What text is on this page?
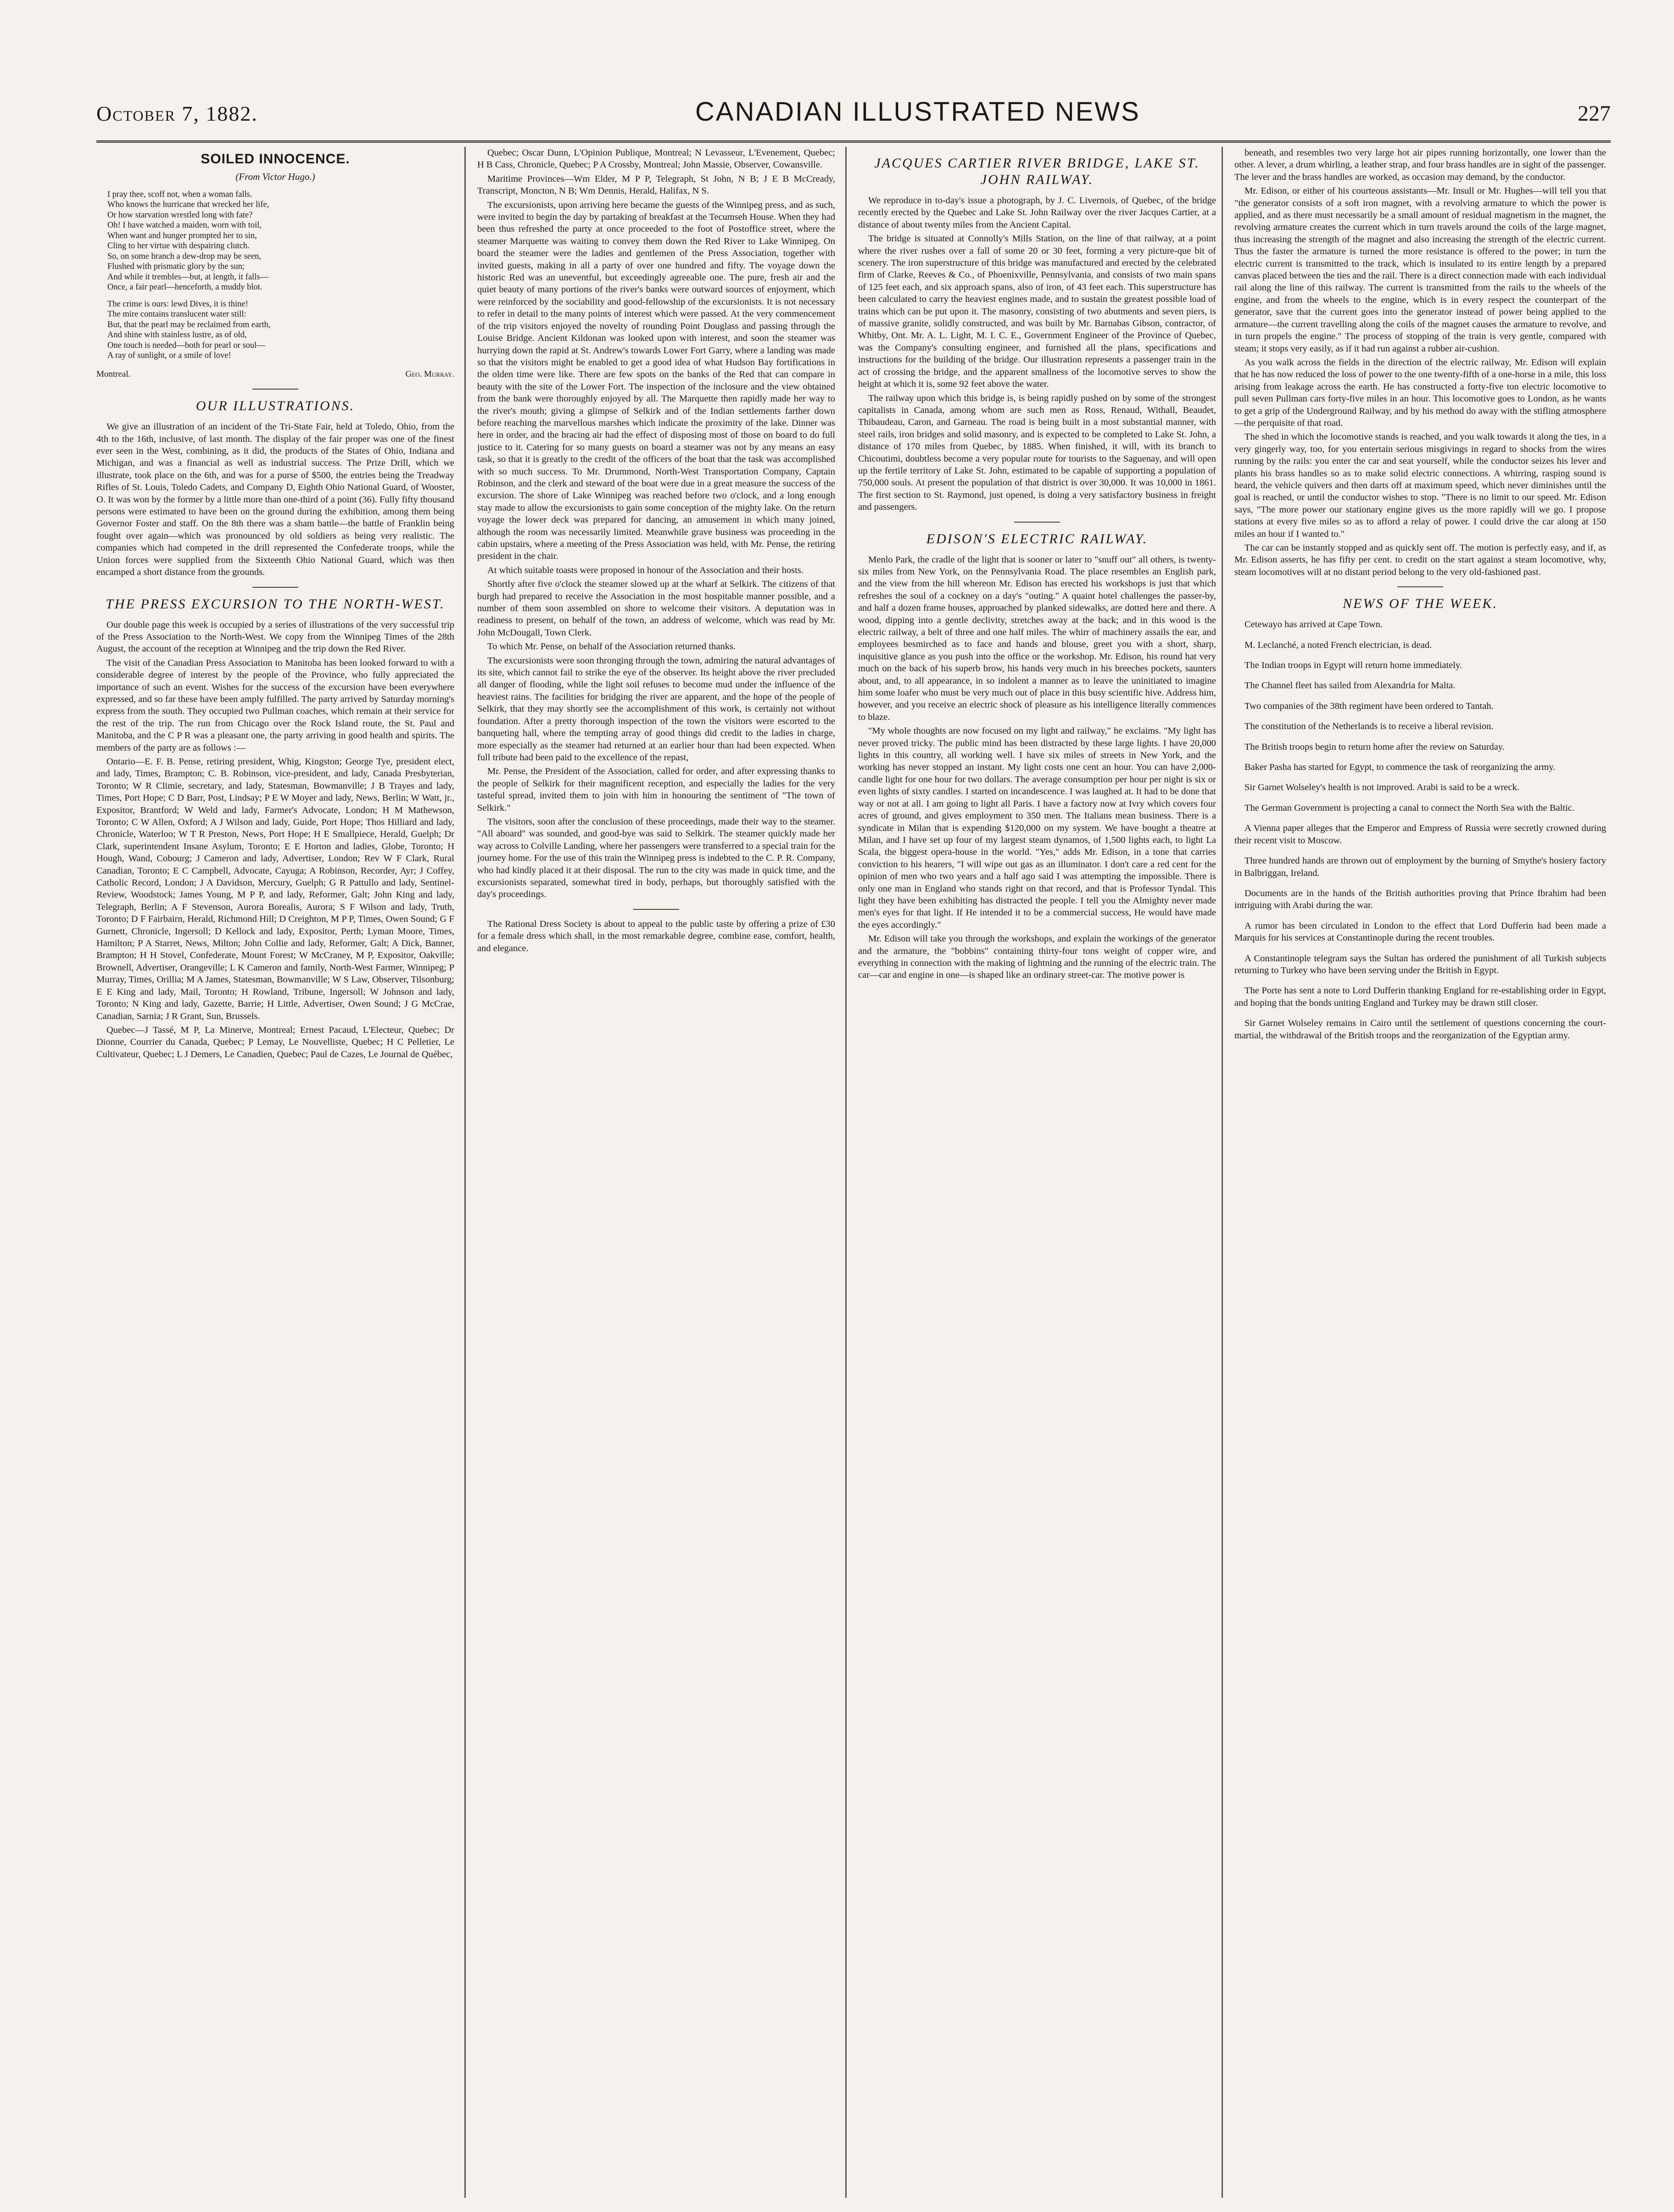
October 7, 1882.	CANADIAN ILLUSTRATED NEWS	227
SOILED INNOCENCE.
(From Victor Hugo.)
I pray thee, scoff not, when a woman falls.
Who knows the hurricane that wrecked her life,
Or how starvation wrestled long with fate?
Oh! I have watched a maiden, worn with toil,
When want and hunger prompted her to sin,
Cling to her virtue with despairing clutch.
So, on some branch a dew-drop may be seen,
Flushed with prismatic glory by the sun;
And while it trembles—but, at length, it falls—
Once, a fair pearl—henceforth, a muddy blot.
The crime is ours: lewd Dives, it is thine!
The mire contains translucent water still:
But, that the pearl may be reclaimed from earth,
And shine with stainless lustre, as of old,
One touch is needed—both for pearl or soul—
A ray of sunlight, or a smile of love!
Montreal.	Geo. Murray.
OUR ILLUSTRATIONS.

We give an illustration of an incident of the Tri-State Fair, held at Toledo, Ohio, from the 4th to the 16th, inclusive, of last month. The display of the fair proper was one of the finest ever seen in the West, combining, as it did, the products of the States of Ohio, Indiana and Michigan, and was a financial as well as industrial success. The Prize Drill, which we illustrate, took place on the 6th, and was for a purse of $500, the entries being the Treadway Rifles of St. Louis, Toledo Cadets, and Company D, Eighth Ohio National Guard, of Wooster, O. It was won by the former by a little more than one-third of a point (36). Fully fifty thousand persons were estimated to have been on the ground during the exhibition, among them being Governor Foster and staff. On the 8th there was a sham battle—the battle of Franklin being fought over again—which was pronounced by old soldiers as being very realistic. The companies which had competed in the drill represented the Confederate troops, while the Union forces were supplied from the Sixteenth Ohio National Guard, which was then encamped a short distance from the grounds.

THE PRESS EXCURSION TO THE NORTH-WEST.

Our double page this week is occupied by a series of illustrations of the very successful trip of the Press Association to the North-West. We copy from the Winnipeg Times of the 28th August, the account of the reception at Winnipeg and the trip down the Red River.

The visit of the Canadian Press Association to Manitoba has been looked forward to with a considerable degree of interest by the people of the Province, who fully appreciated the importance of such an event. Wishes for the success of the excursion have been everywhere expressed, and so far these have been amply fulfilled. The party arrived by Saturday morning's express from the south. They occupied two Pullman coaches, which remain at their service for the rest of the trip. The run from Chicago over the Rock Island route, the St. Paul and Manitoba, and the C P R was a pleasant one, the party arriving in good health and spirits. The members of the party are as follows :—

Ontario—E. F. B. Pense, retiring president, Whig, Kingston; George Tye, president elect, and lady, Times, Brampton; C. B. Robinson, vice-president, and lady, Canada Presbyterian, Toronto; W R Climie, secretary, and lady, Statesman, Bowmanville; J B Trayes and lady, Times, Port Hope; C D Barr, Post, Lindsay; P E W Moyer and lady, News, Berlin; W Watt, jr., Expositor, Brantford; W Weld and lady, Farmer's Advocate, London; H M Mathewson, Toronto; C W Allen, Oxford; A J Wilson and lady, Guide, Port Hope; Thos Hilliard and lady, Chronicle, Waterloo; W T R Preston, News, Port Hope; H E Smallpiece, Herald, Guelph; Dr Clark, superintendent Insane Asylum, Toronto; E E Horton and ladies, Globe, Toronto; H Hough, Wand, Cobourg; J Cameron and lady, Advertiser, London; Rev W F Clark, Rural Canadian, Toronto; E C Campbell, Advocate, Cayuga; A Robinson, Recorder, Ayr; J Coffey, Catholic Record, London; J A Davidson, Mercury, Guelph; G R Pattullo and lady, Sentinel-Review, Woodstock; James Young, M P P, and lady, Reformer, Galt; John King and lady, Telegraph, Berlin; A F Stevenson, Aurora Borealis, Aurora; S F Wilson and lady, Truth, Toronto; D F Fairbairn, Herald, Richmond Hill; D Creighton, M P P, Times, Owen Sound; G F Gurnett, Chronicle, Ingersoll; D Kellock and lady, Expositor, Perth; Lyman Moore, Times, Hamilton; P A Starret, News, Milton; John Collie and lady, Reformer, Galt; A Dick, Banner, Brampton; H H Stovel, Confederate, Mount Forest; W McCraney, M P, Expositor, Oakville; Brownell, Advertiser, Orangeville; L K Cameron and family, North-West Farmer, Winnipeg; P Murray, Times, Orillia; M A James, Statesman, Bowmanville; W S Law, Observer, Tilsonburg; E E King and lady, Mail, Toronto; H Rowland, Tribune, Ingersoll; W Johnson and lady, Toronto; N King and lady, Gazette, Barrie; H Little, Advertiser, Owen Sound; J G McCrae, Canadian, Sarnia; J R Grant, Sun, Brussels.

Quebec—J Tassé, M P, La Minerve, Montreal; Ernest Pacaud, L'Electeur, Quebec; Dr Dionne, Courrier du Canada, Quebec; P Lemay, Le Nouvelliste, Quebec; H C Pelletier, Le Cultivateur, Quebec; L J Demers, Le Canadien, Quebec; Paul de Cazes, Le Journal de Québec,

Quebec; Oscar Dunn, L'Opinion Publique, Montreal; N Levasseur, L'Evenement, Quebec; H B Cass, Chronicle, Quebec; P A Crossby, Montreal; John Massie, Observer, Cowansville.

Maritime Provinces—Wm Elder, M P P, Telegraph, St John, N B; J E B McCready, Transcript, Moncton, N B; Wm Dennis, Herald, Halifax, N S.

The excursionists, upon arriving here became the guests of the Winnipeg press, and as such, were invited to begin the day by partaking of breakfast at the Tecumseh House. When they had been thus refreshed the party at once proceeded to the foot of Postoffice street, where the steamer Marquette was waiting to convey them down the Red River to Lake Winnipeg. On board the steamer were the ladies and gentlemen of the Press Association, together with invited guests, making in all a party of over one hundred and fifty. The voyage down the historic Red was an uneventful, but exceedingly agreeable one. The pure, fresh air and the quiet beauty of many portions of the river's banks were outward sources of enjoyment, which were reinforced by the sociability and good-fellowship of the excursionists. It is not necessary to refer in detail to the many points of interest which were passed. At the very commencement of the trip visitors enjoyed the novelty of rounding Point Douglass and passing through the Louise Bridge. Ancient Kildonan was looked upon with interest, and soon the steamer was hurrying down the rapid at St. Andrew's towards Lower Fort Garry, where a landing was made so that the visitors might be enabled to get a good idea of what Hudson Bay fortifications in the olden time were like. There are few spots on the banks of the Red that can compare in beauty with the site of the Lower Fort. The inspection of the inclosure and the view obtained from the bank were thoroughly enjoyed by all. The Marquette then rapidly made her way to the river's mouth; giving a glimpse of Selkirk and of the Indian settlements farther down before reaching the marvellous marshes which indicate the proximity of the lake. Dinner was here in order, and the bracing air had the effect of disposing most of those on board to do full justice to it. Catering for so many guests on board a steamer was not by any means an easy task, so that it is greatly to the credit of the officers of the boat that the task was accomplished with so much success. To Mr. Drummond, North-West Transportation Company, Captain Robinson, and the clerk and steward of the boat were due in a great measure the success of the excursion. The shore of Lake Winnipeg was reached before two o'clock, and a long enough stay made to allow the excursionists to gain some conception of the mighty lake. On the return voyage the lower deck was prepared for dancing, an amusement in which many joined, although the room was necessarily limited. Meanwhile grave business was proceeding in the cabin upstairs, where a meeting of the Press Association was held, with Mr. Pense, the retiring president in the chair.

At which suitable toasts were proposed in honour of the Association and their hosts.

Shortly after five o'clock the steamer slowed up at the wharf at Selkirk. The citizens of that burgh had prepared to receive the Association in the most hospitable manner possible, and a number of them soon assembled on shore to welcome their visitors. A deputation was in readiness to present, on behalf of the town, an address of welcome, which was read by Mr. John McDougall, Town Clerk.

To which Mr. Pense, on behalf of the Association returned thanks.

The excursionists were soon thronging through the town, admiring the natural advantages of its site, which cannot fail to strike the eye of the observer. Its height above the river precluded all danger of flooding, while the light soil refuses to become mud under the influence of the heaviest rains. The facilities for bridging the river are apparent, and the hope of the people of Selkirk, that they may shortly see the accomplishment of this work, is certainly not without foundation. After a pretty thorough inspection of the town the visitors were escorted to the banqueting hall, where the tempting array of good things did credit to the ladies in charge, more especially as the steamer had returned at an earlier hour than had been expected. When full tribute had been paid to the excellence of the repast,

Mr. Pense, the President of the Association, called for order, and after expressing thanks to the people of Selkirk for their magnificent reception, and especially the ladies for the very tasteful spread, invited them to join with him in honouring the sentiment of "The town of Selkirk."

The visitors, soon after the conclusion of these proceedings, made their way to the steamer. "All aboard" was sounded, and good-bye was said to Selkirk. The steamer quickly made her way across to Colville Landing, where her passengers were transferred to a special train for the journey home. For the use of this train the Winnipeg press is indebted to the C. P. R. Company, who had kindly placed it at their disposal. The run to the city was made in quick time, and the excursionists separated, somewhat tired in body, perhaps, but thoroughly satisfied with the day's proceedings.

The Rational Dress Society is about to appeal to the public taste by offering a prize of £30 for a female dress which shall, in the most remarkable degree, combine ease, comfort, health, and elegance.

JACQUES CARTIER RIVER BRIDGE, LAKE ST. JOHN RAILWAY.

We reproduce in to-day's issue a photograph, by J. C. Livernois, of Quebec, of the bridge recently erected by the Quebec and Lake St. John Railway over the river Jacques Cartier, at a distance of about twenty miles from the Ancient Capital.

The bridge is situated at Connolly's Mills Station, on the line of that railway, at a point where the river rushes over a fall of some 20 or 30 feet, forming a very picture-que bit of scenery. The iron superstructure of this bridge was manufactured and erected by the celebrated firm of Clarke, Reeves & Co., of Phoenixville, Pennsylvania, and consists of two main spans of 125 feet each, and six approach spans, also of iron, of 43 feet each. This superstructure has been calculated to carry the heaviest engines made, and to sustain the greatest possible load of trains which can be put upon it. The masonry, consisting of two abutments and seven piers, is of massive granite, solidly constructed, and was built by Mr. Barnabas Gibson, contractor, of Whitby, Ont. Mr. A. L. Light, M. I. C. E., Government Engineer of the Province of Quebec, was the Company's consulting engineer, and furnished all the plans, specifications and instructions for the building of the bridge. Our illustration represents a passenger train in the act of crossing the bridge, and the apparent smallness of the locomotive serves to show the height at which it is, some 92 feet above the water.

The railway upon which this bridge is, is being rapidly pushed on by some of the strongest capitalists in Canada, among whom are such men as Ross, Renaud, Withall, Beaudet, Thibaudeau, Caron, and Garneau. The road is being built in a most substantial manner, with steel rails, iron bridges and solid masonry, and is expected to be completed to Lake St. John, a distance of 170 miles from Quebec, by 1885. When finished, it will, with its branch to Chicoutimi, doubtless become a very popular route for tourists to the Saguenay, and will open up the fertile territory of Lake St. John, estimated to be capable of supporting a population of 750,000 souls. At present the population of that district is over 30,000. It was 10,000 in 1861. The first section to St. Raymond, just opened, is doing a very satisfactory business in freight and passengers.

EDISON'S ELECTRIC RAILWAY.

Menlo Park, the cradle of the light that is sooner or later to "snuff out" all others, is twenty-six miles from New York, on the Pennsylvania Road. The place resembles an English park, and the view from the hill whereon Mr. Edison has erected his workshops is just that which refreshes the soul of a cockney on a day's "outing." A quaint hotel challenges the passer-by, and half a dozen frame houses, approached by planked sidewalks, are dotted here and there. A wood, dipping into a gentle declivity, stretches away at the back; and in this wood is the electric railway, a belt of three and one half miles. The whirr of machinery assails the ear, and employees besmirched as to face and hands and blouse, greet you with a short, sharp, inquisitive glance as you push into the office or the workshop. Mr. Edison, his round hat very much on the back of his superb brow, his hands very much in his breeches pockets, saunters about, and, to all appearance, in so indolent a manner as to leave the uninitiated to imagine him some loafer who must be very much out of place in this busy scientific hive. Address him, however, and you receive an electric shock of pleasure as his intelligence literally commences to blaze.

"My whole thoughts are now focused on my light and railway," he exclaims. "My light has never proved tricky. The public mind has been distracted by these large lights. I have 20,000 lights in this country, all working well. I have six miles of streets in New York, and the working has never stopped an instant. My light costs one cent an hour. You can have 2,000-candle light for one hour for two dollars. The average consumption per hour per night is six or even lights of sixty candles. I started on incandescence. I was laughed at. It had to be done that way or not at all. I am going to light all Paris. I have a factory now at Ivry which covers four acres of ground, and gives employment to 350 men. The Italians mean business. There is a syndicate in Milan that is expending $120,000 on my system. We have bought a theatre at Milan, and I have set up four of my largest steam dynamos, of 1,500 lights each, to light La Scala, the biggest opera-house in the world. "Yes," adds Mr. Edison, in a tone that carries conviction to his hearers, "I will wipe out gas as an illuminator. I don't care a red cent for the opinion of men who two years and a half ago said I was attempting the impossible. There is only one man in England who stands right on that record, and that is Professor Tyndal. This light they have been exhibiting has distracted the people. I tell you the Almighty never made men's eyes for that light. If He intended it to be a commercial success, He would have made the eyes accordingly."

Mr. Edison will take you through the workshops, and explain the workings of the generator and the armature, the "bobbins" containing thirty-four tons weight of copper wire, and everything in connection with the making of lightning and the running of the electric train. The car—car and engine in one—is shaped like an ordinary street-car. The motive power is

beneath, and resembles two very large hot air pipes running horizontally, one lower than the other. A lever, a drum whirling, a leather strap, and four brass handles are in sight of the passenger. The lever and the brass handles are worked, as occasion may demand, by the conductor.

Mr. Edison, or either of his courteous assistants—Mr. Insull or Mr. Hughes—will tell you that "the generator consists of a soft iron magnet, with a revolving armature to which the power is applied, and as there must necessarily be a small amount of residual magnetism in the magnet, the revolving armature creates the current which in turn travels around the coils of the large magnet, thus increasing the strength of the magnet and also increasing the strength of the electric current. Thus the faster the armature is turned the more resistance is offered to the power; in turn the electric current is transmitted to the track, which is insulated to its entire length by a prepared canvas placed between the ties and the rail. There is a direct connection made with each individual rail along the line of this railway. The current is transmitted from the rails to the wheels of the engine, and from the wheels to the engine, which is in every respect the counterpart of the generator, save that the current goes into the generator instead of power being applied to the armature—the current travelling along the coils of the magnet causes the armature to revolve, and in turn propels the engine." The process of stopping of the train is very gentle, compared with steam; it stops very easily, as if it had run against a rubber air-cushion.

As you walk across the fields in the direction of the electric railway, Mr. Edison will explain that he has now reduced the loss of power to the one twenty-fifth of a one-horse in a mile, this loss arising from leakage across the earth. He has constructed a forty-five ton electric locomotive to pull seven Pullman cars forty-five miles in an hour. This locomotive goes to London, as he wants to get a grip of the Underground Railway, and by his method do away with the stifling atmosphere—the perquisite of that road.

The shed in which the locomotive stands is reached, and you walk towards it along the ties, in a very gingerly way, too, for you entertain serious misgivings in regard to shocks from the wires running by the rails: you enter the car and seat yourself, while the conductor seizes his lever and plants his brass handles so as to make solid electric connections. A whirring, rasping sound is heard, the vehicle quivers and then darts off at maximum speed, which never diminishes until the goal is reached, or until the conductor wishes to stop. "There is no limit to our speed. Mr. Edison says, "The more power our stationary engine gives us the more rapidly will we go. I propose stations at every five miles so as to afford a relay of power. I could drive the car along at 150 miles an hour if I wanted to."

The car can be instantly stopped and as quickly sent off. The motion is perfectly easy, and if, as Mr. Edison asserts, he has fifty per cent. to credit on the start against a steam locomotive, why, steam locomotives will at no distant period belong to the very old-fashioned past.

NEWS OF THE WEEK.

Cetewayo has arrived at Cape Town.

M. Leclanché, a noted French electrician, is dead.

The Indian troops in Egypt will return home immediately.

The Channel fleet has sailed from Alexandria for Malta.

Two companies of the 38th regiment have been ordered to Tantah.

The constitution of the Netherlands is to receive a liberal revision.

The British troops begin to return home after the review on Saturday.

Baker Pasha has started for Egypt, to commence the task of reorganizing the army.

Sir Garnet Wolseley's health is not improved. Arabi is said to be a wreck.

The German Government is projecting a canal to connect the North Sea with the Baltic.

A Vienna paper alleges that the Emperor and Empress of Russia were secretly crowned during their recent visit to Moscow.

Three hundred hands are thrown out of employment by the burning of Smythe's hosiery factory in Balbriggan, Ireland.

Documents are in the hands of the British authorities proving that Prince Ibrahim had been intriguing with Arabi during the war.

A rumor has been circulated in London to the effect that Lord Dufferin had been made a Marquis for his services at Constantinople during the recent troubles.

A Constantinople telegram says the Sultan has ordered the punishment of all Turkish subjects returning to Turkey who have been serving under the British in Egypt.

The Porte has sent a note to Lord Dufferin thanking England for re-establishing order in Egypt, and hoping that the bonds uniting England and Turkey may be drawn still closer.

Sir Garnet Wolseley remains in Cairo until the settlement of questions concerning the court-martial, the withdrawal of the British troops and the reorganization of the Egyptian army.
